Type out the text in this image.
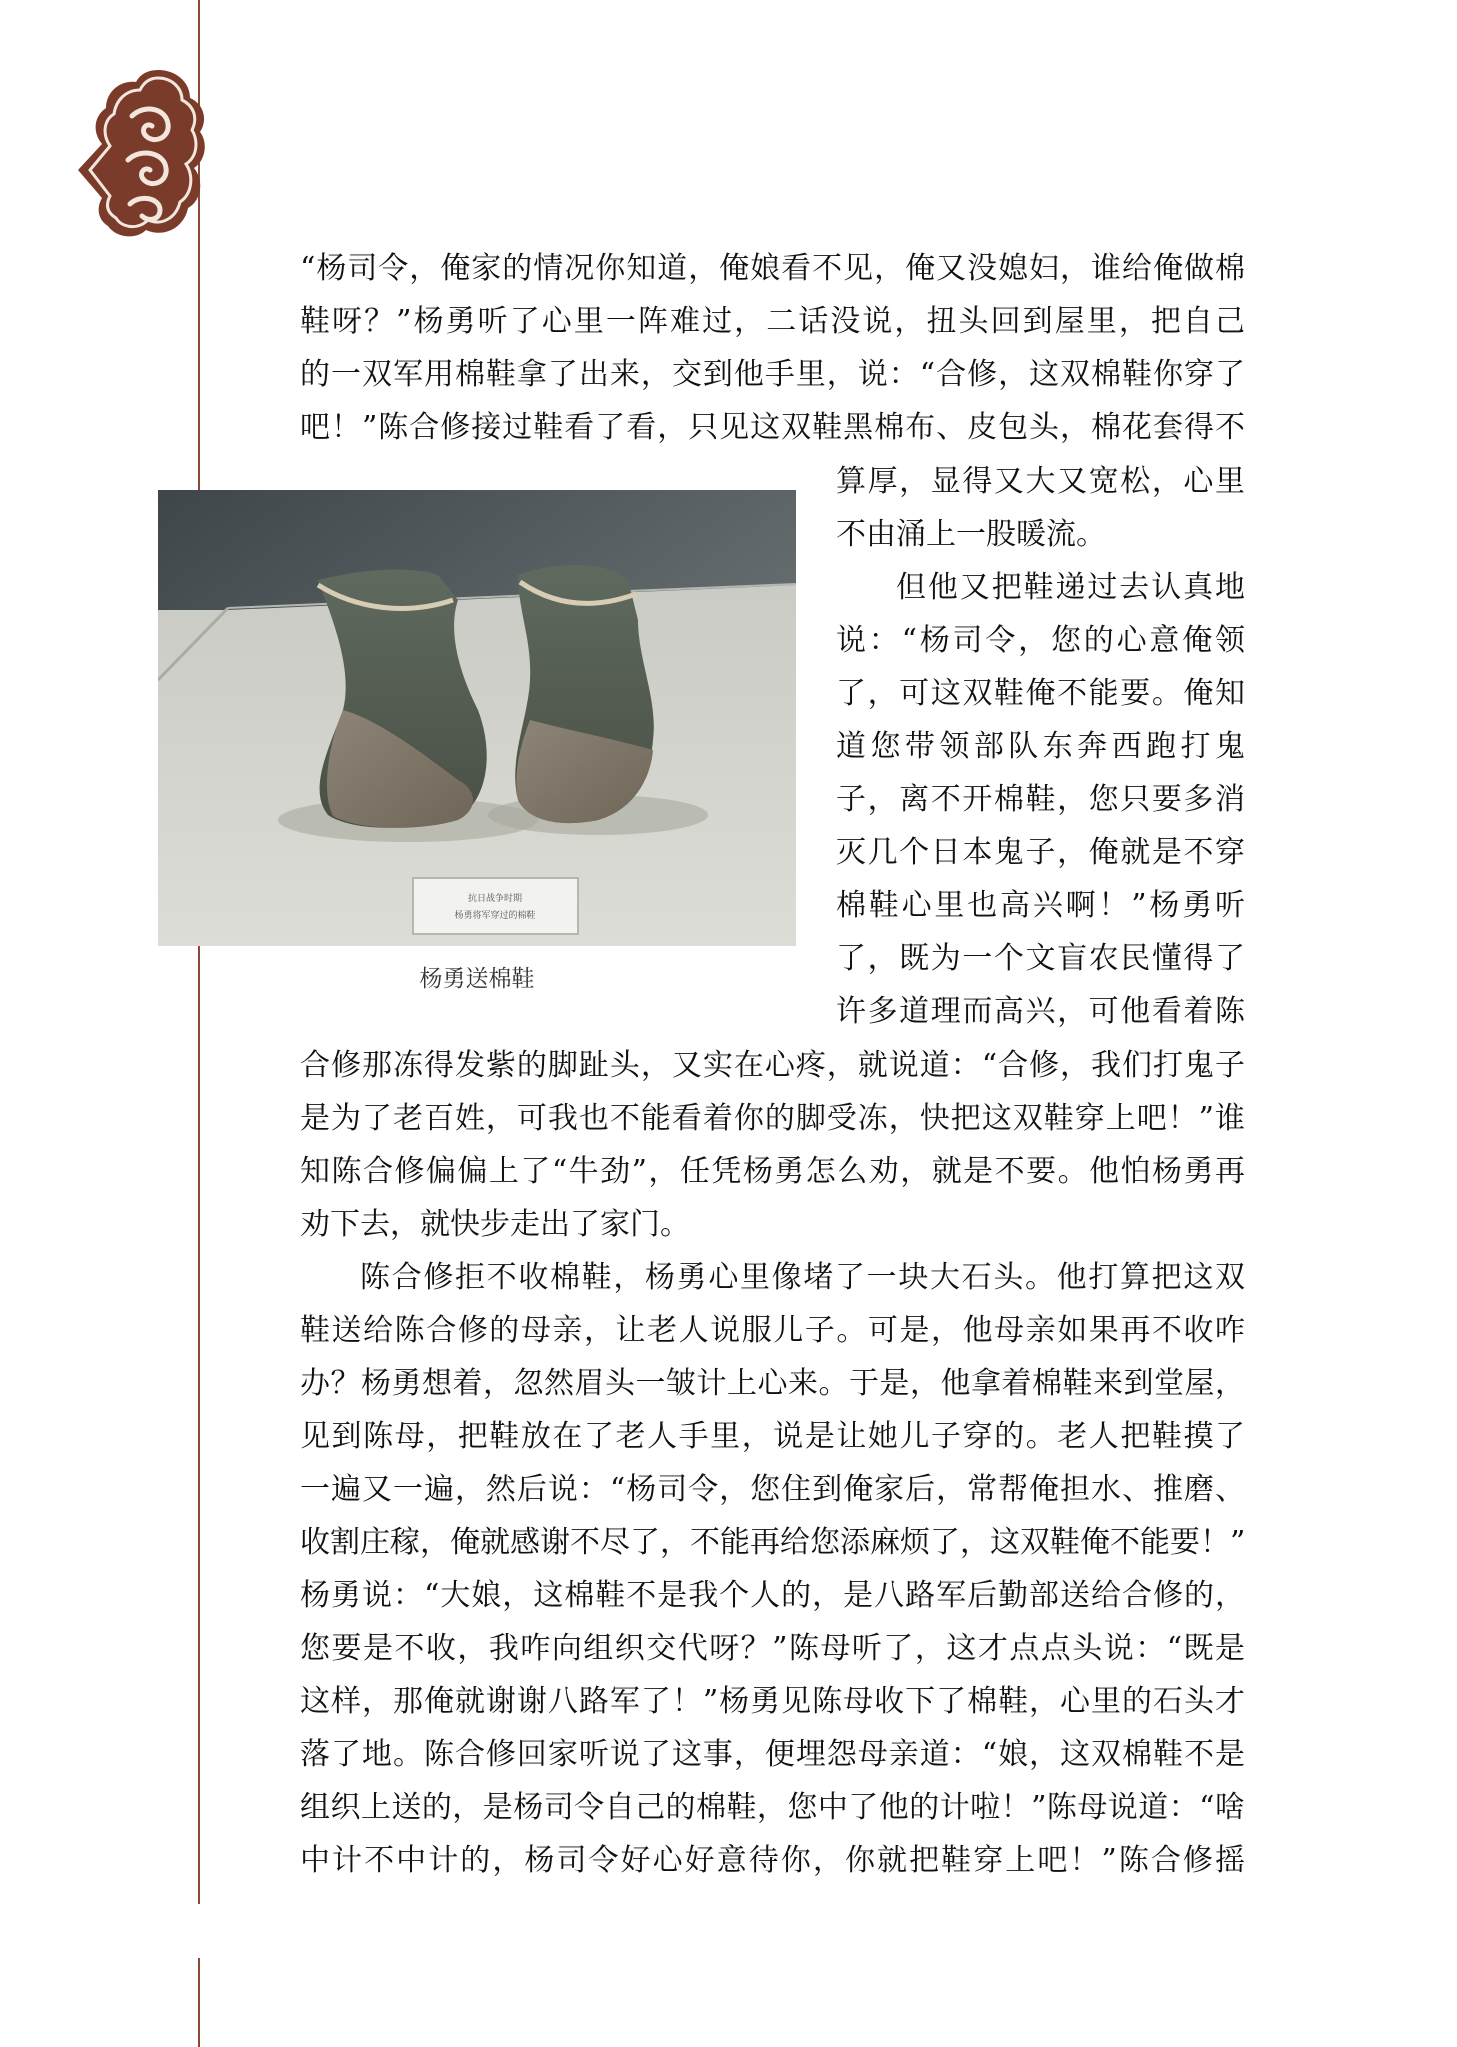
“杨司令，俺家的情况你知道，俺娘看不见，俺又没媳妇，谁给俺做棉
鞋呀？”杨勇听了心里一阵难过，二话没说，扭头回到屋里，把自己
的一双军用棉鞋拿了出来，交到他手里，说：“合修，这双棉鞋你穿了
吧！”陈合修接过鞋看了看，只见这双鞋黑棉布、皮包头，棉花套得不
算厚，显得又大又宽松，心里
不由涌上一股暖流。
但他又把鞋递过去认真地
说：“杨司令，您的心意俺领
了，可这双鞋俺不能要。俺知
道您带领部队东奔西跑打鬼
子，离不开棉鞋，您只要多消
灭几个日本鬼子，俺就是不穿
棉鞋心里也高兴啊！”杨勇听
了，既为一个文盲农民懂得了
许多道理而高兴，可他看着陈
抗日战争时期
杨勇将军穿过的棉鞋
杨勇送棉鞋
合修那冻得发紫的脚趾头，又实在心疼，就说道：“合修，我们打鬼子
是为了老百姓，可我也不能看着你的脚受冻，快把这双鞋穿上吧！”谁
知陈合修偏偏上了“牛劲”，任凭杨勇怎么劝，就是不要。他怕杨勇再
劝下去，就快步走出了家门。
陈合修拒不收棉鞋，杨勇心里像堵了一块大石头。他打算把这双
鞋送给陈合修的母亲，让老人说服儿子。可是，他母亲如果再不收咋
办？杨勇想着，忽然眉头一皱计上心来。于是，他拿着棉鞋来到堂屋，
见到陈母，把鞋放在了老人手里，说是让她儿子穿的。老人把鞋摸了
一遍又一遍，然后说：“杨司令，您住到俺家后，常帮俺担水、推磨、
收割庄稼，俺就感谢不尽了，不能再给您添麻烦了，这双鞋俺不能要！”
杨勇说：“大娘，这棉鞋不是我个人的，是八路军后勤部送给合修的，
您要是不收，我咋向组织交代呀？”陈母听了，这才点点头说：“既是
这样，那俺就谢谢八路军了！”杨勇见陈母收下了棉鞋，心里的石头才
落了地。陈合修回家听说了这事，便埋怨母亲道：“娘，这双棉鞋不是
组织上送的，是杨司令自己的棉鞋，您中了他的计啦！”陈母说道：“啥
中计不中计的，杨司令好心好意待你，你就把鞋穿上吧！”陈合修摇
